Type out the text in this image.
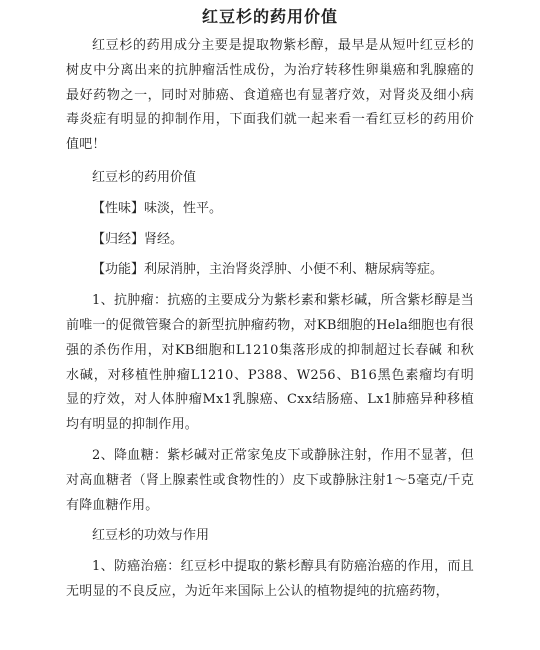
红豆杉的药用价值

红豆杉的药用成分主要是提取物紫杉醇，最早是从短叶红豆杉的树皮中分离出来的抗肿瘤活性成份，为治疗转移性卵巢癌和乳腺癌的最好药物之一，同时对肺癌、食道癌也有显著疗效，对肾炎及细小病毒炎症有明显的抑制作用，下面我们就一起来看一看红豆杉的药用价值吧！

红豆杉的药用价值

【性味】味淡，性平。

【归经】肾经。

【功能】利尿消肿，主治肾炎浮肿、小便不利、糖尿病等症。

1、抗肿瘤：抗癌的主要成分为紫杉素和紫杉碱，所含紫杉醇是当前唯一的促微管聚合的新型抗肿瘤药物，对KB细胞的Hela细胞也有很强的杀伤作用，对KB细胞和L1210集落形成的抑制超过长春碱 和秋水碱，对移植性肿瘤L1210、P388、W256、B16黑色素瘤均有明 显的疗效，对人体肿瘤Mx1乳腺癌、Cxx结肠癌、Lx1肺癌异种移植 均有明显的抑制作用。

2、降血糖：紫杉碱对正常家兔皮下或静脉注射，作用不显著，但对高血糖者（肾上腺素性或食物性的）皮下或静脉注射1～5毫克/千克有降血糖作用。

红豆杉的功效与作用

1、防癌治癌：红豆杉中提取的紫杉醇具有防癌治癌的作用，而且无明显的不良反应，为近年来国际上公认的植物提纯的抗癌药物，
